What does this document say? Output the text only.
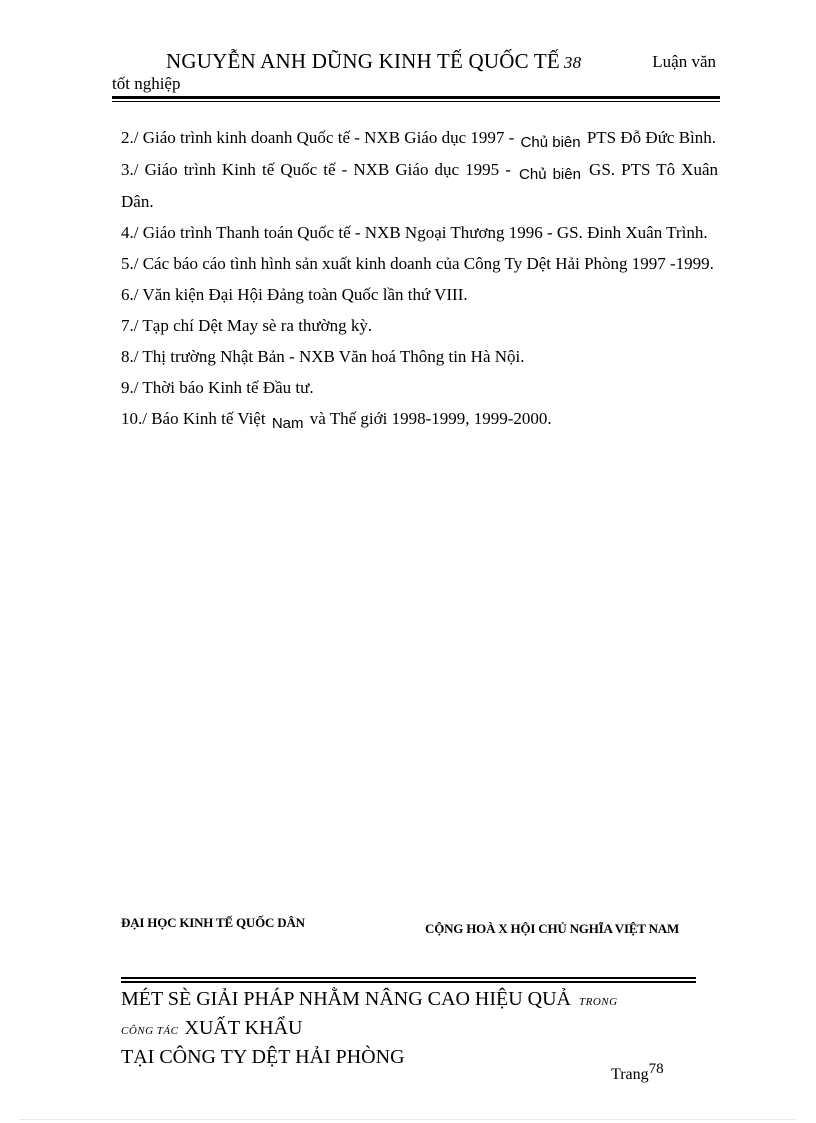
NGUYỄN ANH DŨNG KINH TẾ QUỐC TẾ 38	Luận văn
tốt nghiệp
2./ Giáo trình kinh doanh Quốc tế - NXB Giáo dục 1997 - Chủ biên PTS Đỗ Đức Bình.
3./ Giáo trình Kinh tế Quốc tế - NXB Giáo dục 1995 - Chủ biên GS. PTS Tô Xuân Dân.
4./ Giáo trình Thanh toán Quốc tế - NXB Ngoại Thương 1996 - GS. Đinh Xuân Trình.
5./ Các báo cáo tình hình sản xuất kinh doanh của Công Ty Dệt Hải Phòng 1997 -1999.
6./ Văn kiện Đại Hội Đảng toàn Quốc lần thứ VIII.
7./ Tạp chí Dệt May sè ra thường kỳ.
8./ Thị trường Nhật Bản - NXB Văn hoá Thông tin Hà Nội.
9./ Thời báo Kinh tế Đầu tư.
10./ Báo Kinh tế Việt Nam và Thế giới 1998-1999, 1999-2000.
ĐẠI HỌC KINH TẾ QUỐC DÂN	CỘNG HOÀ X HỘI CHỦ NGHĨA VIỆT NAM
MÉT SÈ GIẢI PHÁP NHẰM NÂNG CAO HIỆU QUẢ TRONG
CÔNG TÁC XUẤT KHẨU
TẠI CÔNG TY DỆT HẢI PHÒNG
Trang$^{78}$
